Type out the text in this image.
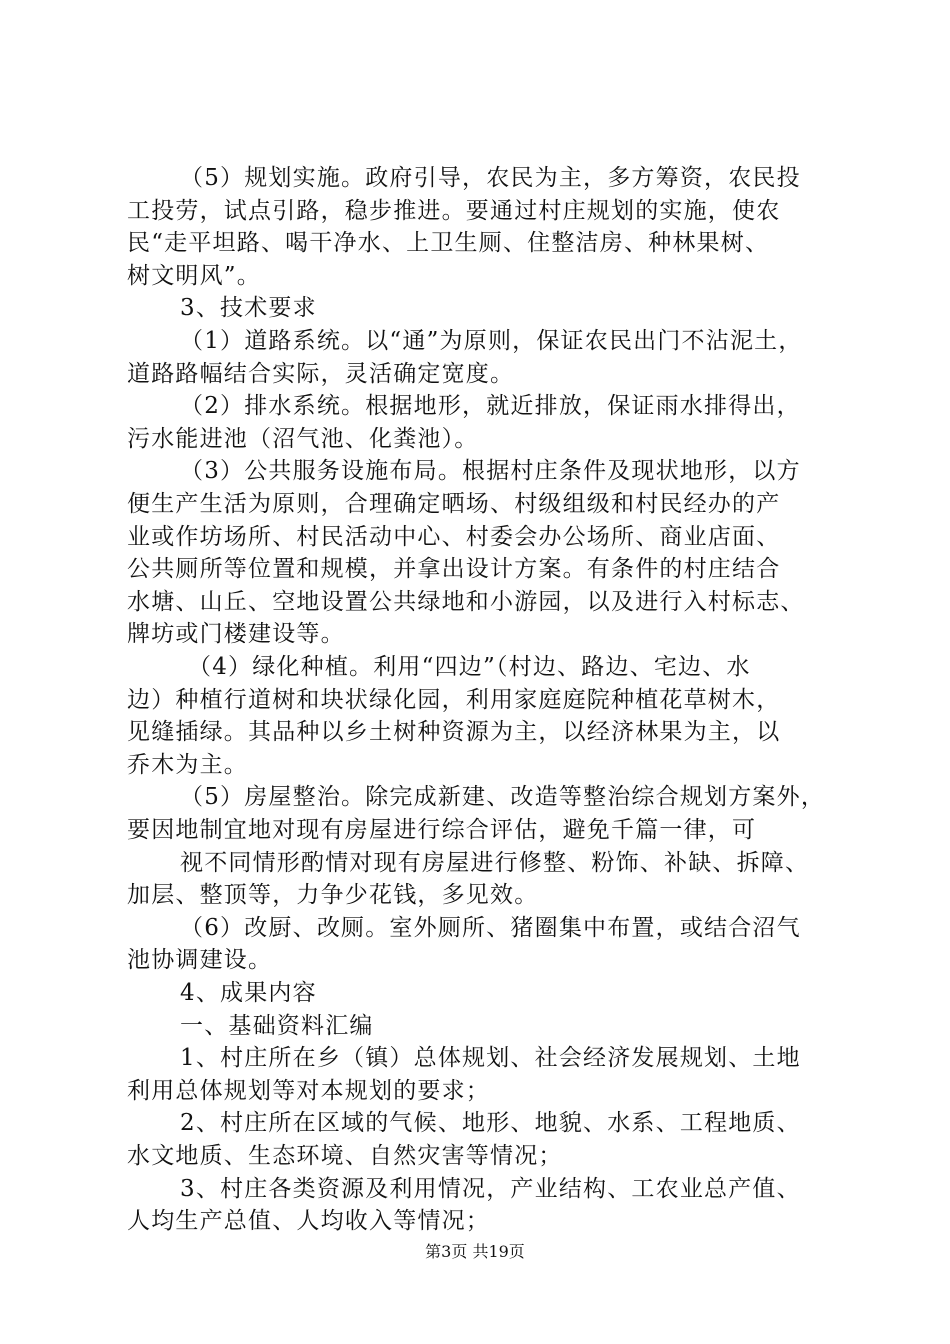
（5）规划实施。政府引导，农民为主，多方筹资，农民投
工投劳，试点引路，稳步推进。要通过村庄规划的实施，使农
民“走平坦路、喝干净水、上卫生厕、住整洁房、种林果树、
树文明风”。
3、技术要求
（1）道路系统。以“通”为原则，保证农民出门不沾泥土，
道路路幅结合实际，灵活确定宽度。
（2）排水系统。根据地形，就近排放，保证雨水排得出，
污水能进池（沼气池、化粪池）。
（3）公共服务设施布局。根据村庄条件及现状地形，以方
便生产生活为原则，合理确定晒场、村级组级和村民经办的产
业或作坊场所、村民活动中心、村委会办公场所、商业店面、
公共厕所等位置和规模，并拿出设计方案。有条件的村庄结合
水塘、山丘、空地设置公共绿地和小游园，以及进行入村标志、
牌坊或门楼建设等。
（4）绿化种植。利用“四边”（村边、路边、宅边、水
边）种植行道树和块状绿化园，利用家庭庭院种植花草树木，
见缝插绿。其品种以乡土树种资源为主，以经济林果为主，以
乔木为主。
（5）房屋整治。除完成新建、改造等整治综合规划方案外，
要因地制宜地对现有房屋进行综合评估，避免千篇一律，可
视不同情形酌情对现有房屋进行修整、粉饰、补缺、拆障、
加层、整顶等，力争少花钱，多见效。
（6）改厨、改厕。室外厕所、猪圈集中布置，或结合沼气
池协调建设。
4、成果内容
一、基础资料汇编
1、村庄所在乡（镇）总体规划、社会经济发展规划、土地
利用总体规划等对本规划的要求；
2、村庄所在区域的气候、地形、地貌、水系、工程地质、
水文地质、生态环境、自然灾害等情况；
3、村庄各类资源及利用情况，产业结构、工农业总产值、
人均生产总值、人均收入等情况；
第3页 共19页
